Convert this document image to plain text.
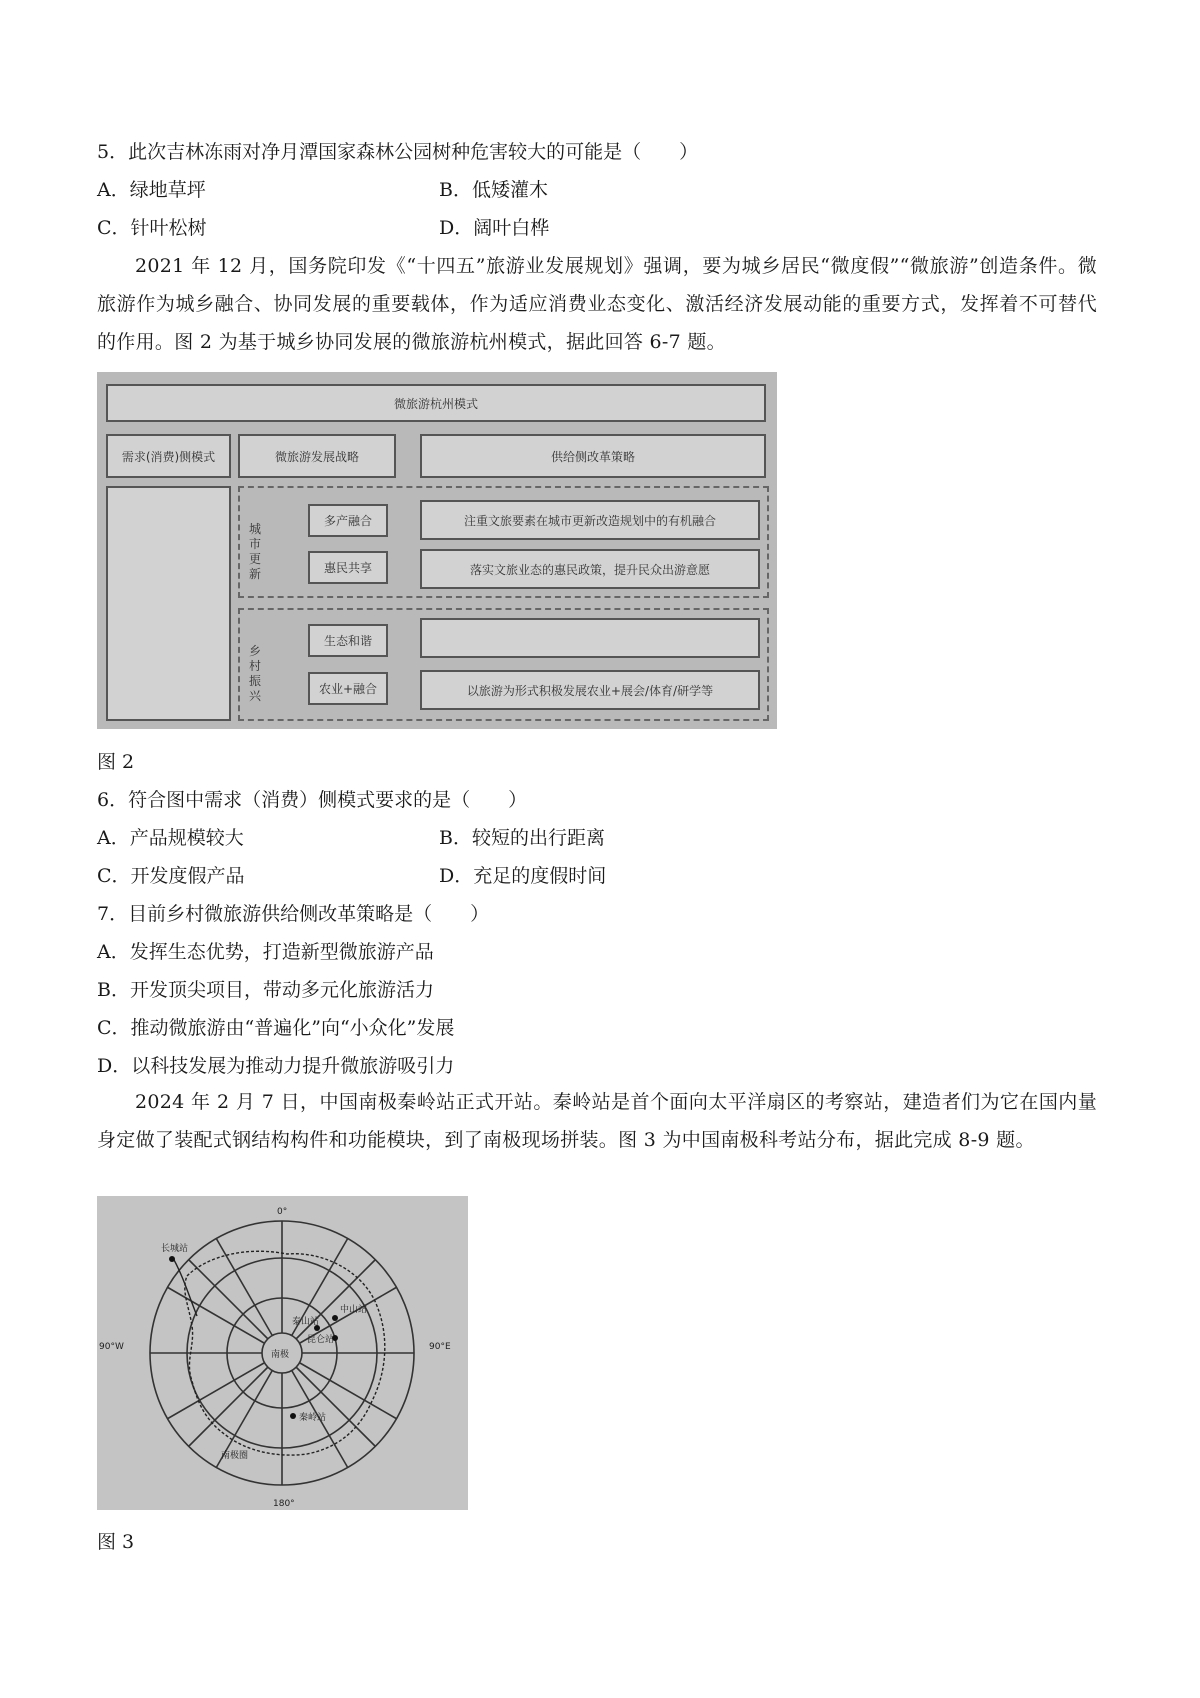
5．此次吉林冻雨对净月潭国家森林公园树种危害较大的可能是（　　）
A．绿地草坪	B．低矮灌木
C．针叶松树	D．阔叶白桦
2021 年 12 月，国务院印发《“十四五”旅游业发展规划》强调，要为城乡居民“微度假”“微旅游”创造条件。微旅游作为城乡融合、协同发展的重要载体，作为适应消费业态变化、激活经济发展动能的重要方式，发挥着不可替代的作用。图 2 为基于城乡协同发展的微旅游杭州模式，据此回答 6-7 题。
微旅游杭州模式
需求(消费)侧模式	微旅游发展战略	供给侧改革策略
城市更新
多产融合
惠民共享
注重文旅要素在城市更新改造规划中的有机融合
落实文旅业态的惠民政策，提升民众出游意愿
乡村振兴
生态和谐
农业+融合	以旅游为形式积极发展农业+展会/体育/研学等
图 2
6．符合图中需求（消费）侧模式要求的是（　　）
A．产品规模较大	B．较短的出行距离
C．开发度假产品	D．充足的度假时间
7．目前乡村微旅游供给侧改革策略是（　　）
A．发挥生态优势，打造新型微旅游产品
B．开发顶尖项目，带动多元化旅游活力
C．推动微旅游由“普遍化”向“小众化”发展
D．以科技发展为推动力提升微旅游吸引力
2024 年 2 月 7 日，中国南极秦岭站正式开站。秦岭站是首个面向太平洋扇区的考察站，建造者们为它在国内量身定做了装配式钢结构构件和功能模块，到了南极现场拼装。图 3 为中国南极科考站分布，据此完成 8-9 题。
0°
180°
90°W	90°E
长城站
中山站
泰山站
昆仑站
南极
秦岭站
南极圈
图 3
